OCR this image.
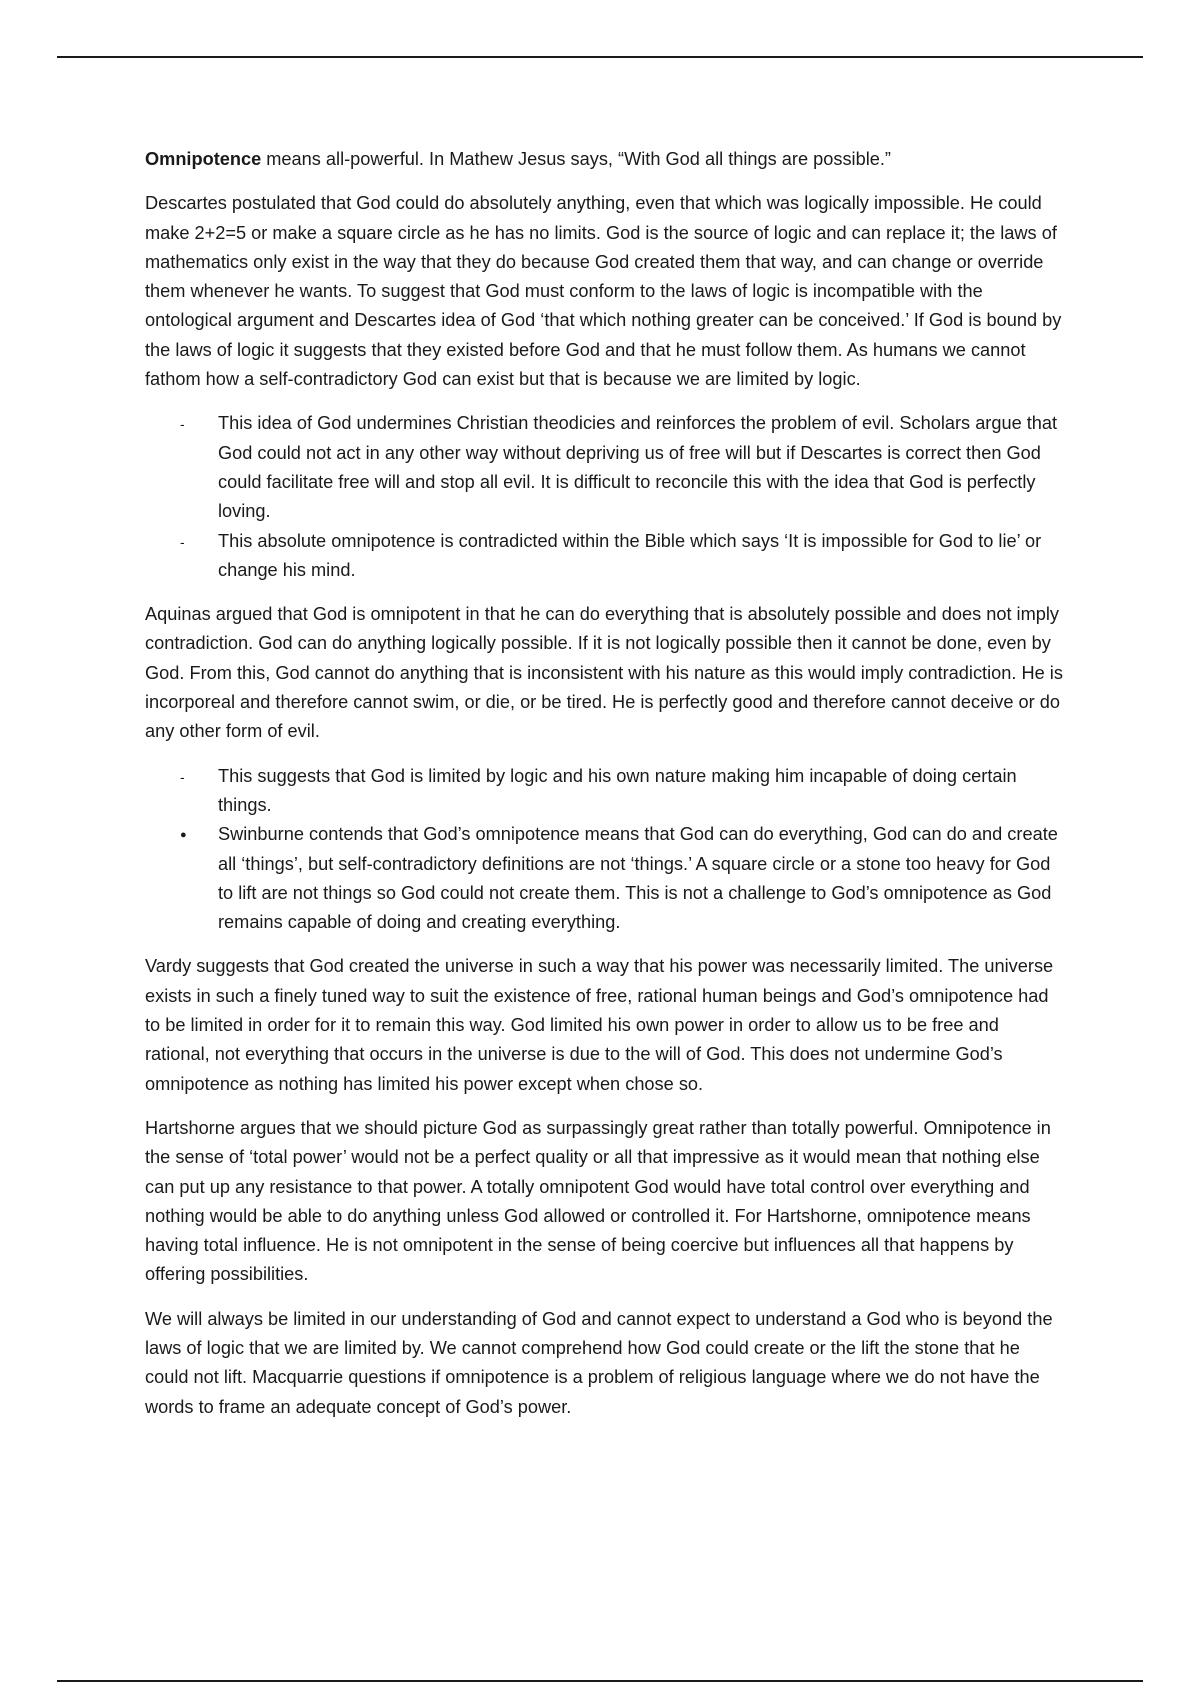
Omnipotence means all-powerful. In Mathew Jesus says, “With God all things are possible.”

Descartes postulated that God could do absolutely anything, even that which was logically impossible. He could make 2+2=5 or make a square circle as he has no limits. God is the source of logic and can replace it; the laws of mathematics only exist in the way that they do because God created them that way, and can change or override them whenever he wants. To suggest that God must conform to the laws of logic is incompatible with the ontological argument and Descartes idea of God ‘that which nothing greater can be conceived.’ If God is bound by the laws of logic it suggests that they existed before God and that he must follow them. As humans we cannot fathom how a self-contradictory God can exist but that is because we are limited by logic.

-
This idea of God undermines Christian theodicies and reinforces the problem of evil. Scholars argue that God could not act in any other way without depriving us of free will but if Descartes is correct then God could facilitate free will and stop all evil. It is difficult to reconcile this with the idea that God is perfectly loving.
-
This absolute omnipotence is contradicted within the Bible which says ‘It is impossible for God to lie’ or change his mind.

Aquinas argued that God is omnipotent in that he can do everything that is absolutely possible and does not imply contradiction. God can do anything logically possible. If it is not logically possible then it cannot be done, even by God. From this, God cannot do anything that is inconsistent with his nature as this would imply contradiction. He is incorporeal and therefore cannot swim, or die, or be tired. He is perfectly good and therefore cannot deceive or do any other form of evil.

-
This suggests that God is limited by logic and his own nature making him incapable of doing certain things.
●
Swinburne contends that God’s omnipotence means that God can do everything, God can do and create all ‘things’, but self-contradictory definitions are not ‘things.’ A square circle or a stone too heavy for God to lift are not things so God could not create them. This is not a challenge to God’s omnipotence as God remains capable of doing and creating everything.

Vardy suggests that God created the universe in such a way that his power was necessarily limited. The universe exists in such a finely tuned way to suit the existence of free, rational human beings and God’s omnipotence had to be limited in order for it to remain this way. God limited his own power in order to allow us to be free and rational, not everything that occurs in the universe is due to the will of God. This does not undermine God’s omnipotence as nothing has limited his power except when chose so.

Hartshorne argues that we should picture God as surpassingly great rather than totally powerful. Omnipotence in the sense of ‘total power’ would not be a perfect quality or all that impressive as it would mean that nothing else can put up any resistance to that power. A totally omnipotent God would have total control over everything and nothing would be able to do anything unless God allowed or controlled it. For Hartshorne, omnipotence means having total influence. He is not omnipotent in the sense of being coercive but influences all that happens by offering possibilities.

We will always be limited in our understanding of God and cannot expect to understand a God who is beyond the laws of logic that we are limited by. We cannot comprehend how God could create or the lift the stone that he could not lift. Macquarrie questions if omnipotence is a problem of religious language where we do not have the words to frame an adequate concept of God’s power.
